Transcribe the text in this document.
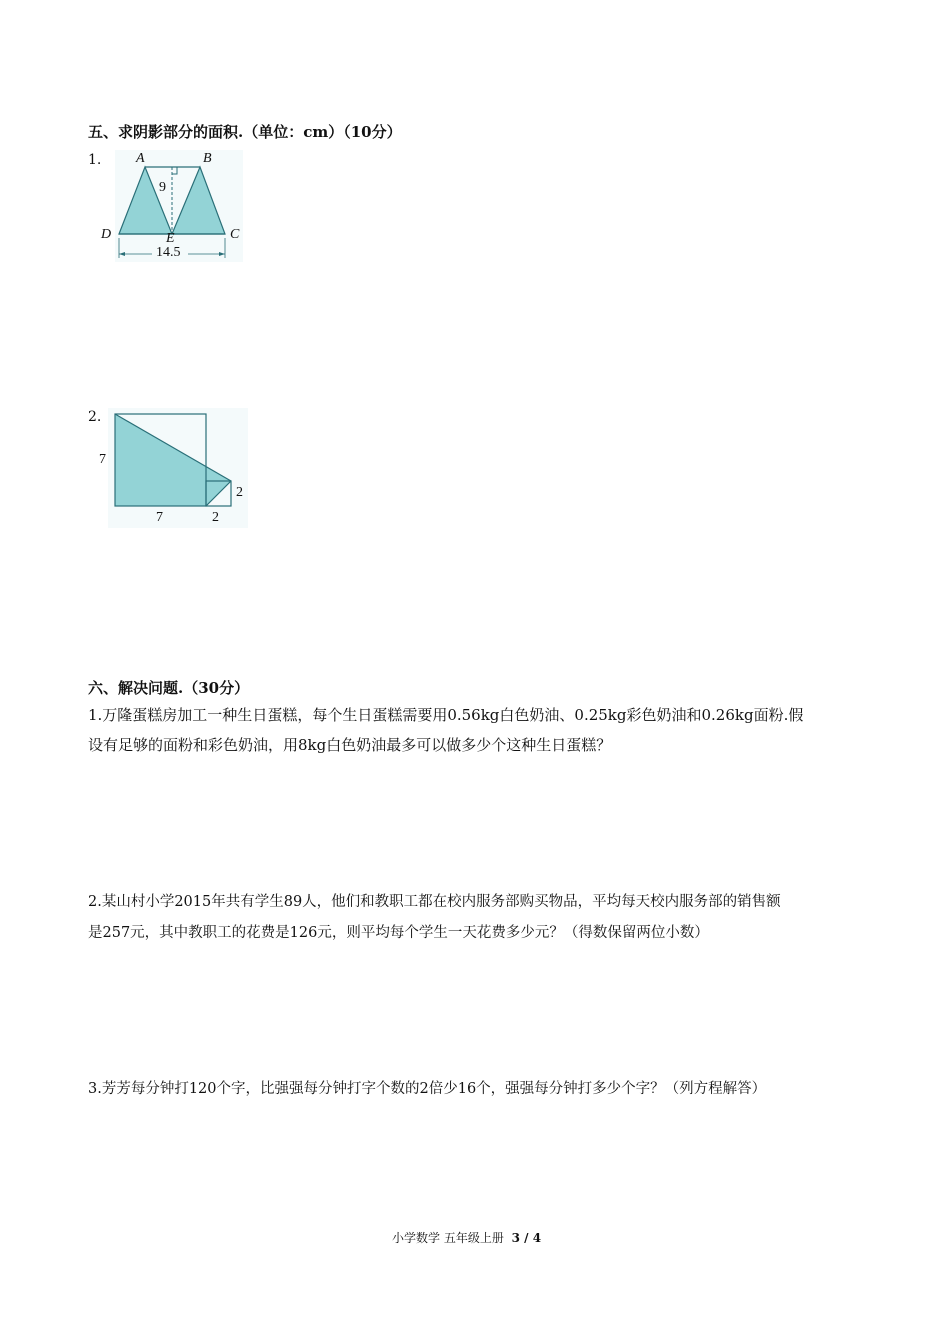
五、求阴影部分的面积.（单位：cm）（10分）
1. A	B
D	E	C
9
14.5
2.
7
7
2
2
六、解决问题.（30分）
1.万隆蛋糕房加工一种生日蛋糕，每个生日蛋糕需要用0.56kg白色奶油、0.25kg彩色奶油和0.26kg面粉.假
设有足够的面粉和彩色奶油，用8kg白色奶油最多可以做多少个这种生日蛋糕？
2.某山村小学2015年共有学生89人，他们和教职工都在校内服务部购买物品，平均每天校内服务部的销售额
是257元，其中教职工的花费是126元，则平均每个学生一天花费多少元？（得数保留两位小数）
3.芳芳每分钟打120个字，比强强每分钟打字个数的2倍少16个，强强每分钟打多少个字？（列方程解答）
小学数学 五年级上册 3 / 4
